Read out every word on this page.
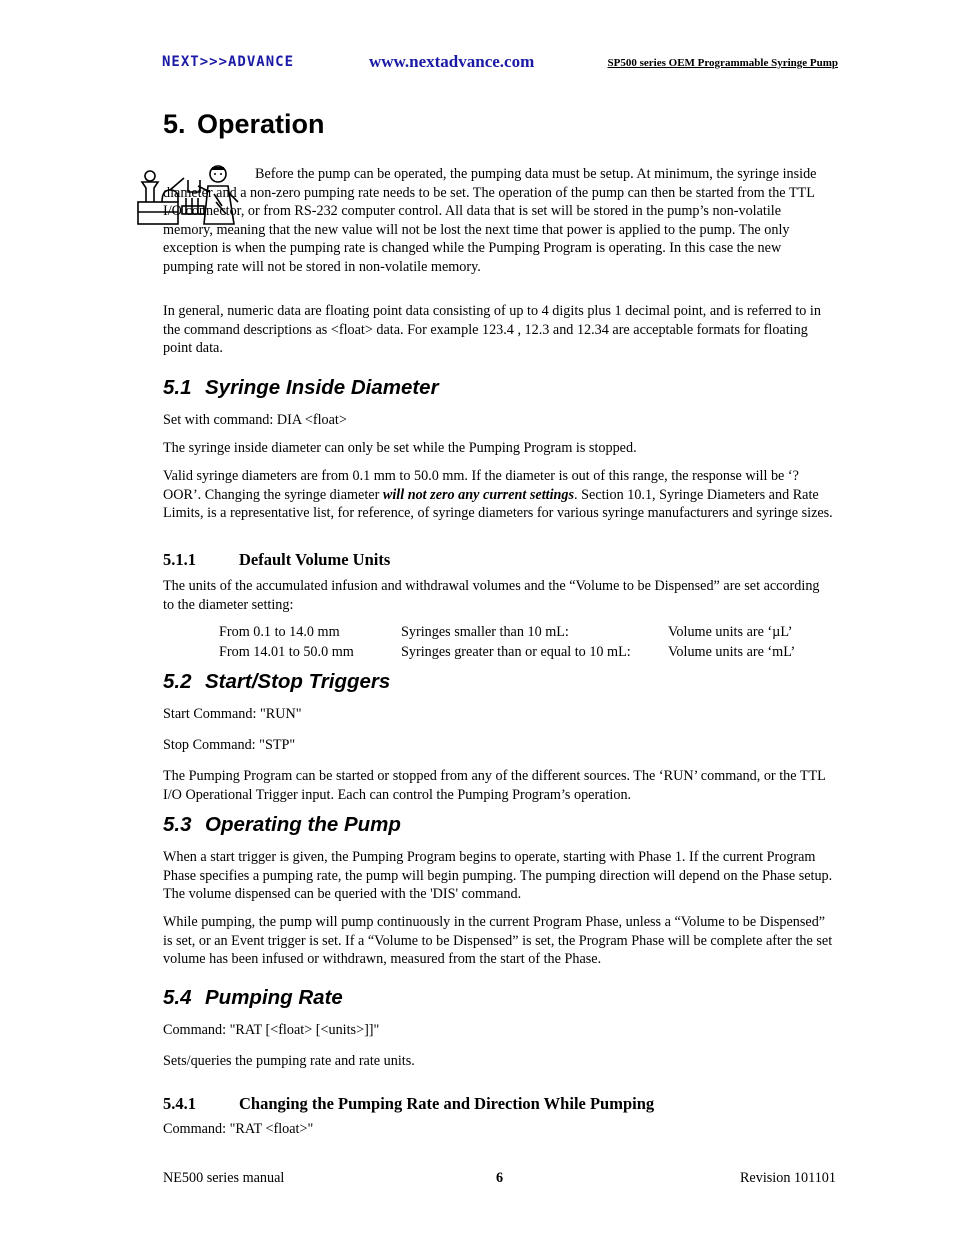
NEXT>>>ADVANCE	www.nextadvance.com	SP500 series OEM Programmable Syringe Pump
5. Operation

Before the pump can be operated, the pumping data must be setup. At minimum, the syringe inside diameter and a non-zero pumping rate needs to be set. The operation of the pump can then be started from the TTL I/O connector, or from RS-232 computer control. All data that is set will be stored in the pump’s non-volatile memory, meaning that the new value will not be lost the next time that power is applied to the pump. The only exception is when the pumping rate is changed while the Pumping Program is operating. In this case the new pumping rate will not be stored in non-volatile memory.

In general, numeric data are floating point data consisting of up to 4 digits plus 1 decimal point, and is referred to in the command descriptions as <float> data. For example 123.4 , 12.3 and 12.34 are acceptable formats for floating point data.

5.1 Syringe Inside Diameter

Set with command: DIA <float>

The syringe inside diameter can only be set while the Pumping Program is stopped.

Valid syringe diameters are from 0.1 mm to 50.0 mm. If the diameter is out of this range, the response will be ‘?OOR’. Changing the syringe diameter will not zero any current settings. Section 10.1, Syringe Diameters and Rate Limits, is a representative list, for reference, of syringe diameters for various syringe manufacturers and syringe sizes.

5.1.1	Default Volume Units

The units of the accumulated infusion and withdrawal volumes and the “Volume to be Dispensed” are set according to the diameter setting:

From 0.1 to 14.0 mm	Syringes smaller than 10 mL:	Volume units are ‘µL’
From 14.01 to 50.0 mm	Syringes greater than or equal to 10 mL:	Volume units are ‘mL’
5.2 Start/Stop Triggers

Start Command: "RUN"

Stop Command: "STP"

The Pumping Program can be started or stopped from any of the different sources. The ‘RUN’ command, or the TTL I/O Operational Trigger input. Each can control the Pumping Program’s operation.

5.3 Operating the Pump

When a start trigger is given, the Pumping Program begins to operate, starting with Phase 1. If the current Program Phase specifies a pumping rate, the pump will begin pumping. The pumping direction will depend on the Phase setup. The volume dispensed can be queried with the 'DIS' command.

While pumping, the pump will pump continuously in the current Program Phase, unless a “Volume to be Dispensed” is set, or an Event trigger is set. If a “Volume to be Dispensed” is set, the Program Phase will be complete after the set volume has been infused or withdrawn, measured from the start of the Phase.

5.4 Pumping Rate

Command: "RAT [<float> [<units>]]"

Sets/queries the pumping rate and rate units.

5.4.1	Changing the Pumping Rate and Direction While Pumping

Command: "RAT <float>"

NE500 series manual	6	Revision 101101
